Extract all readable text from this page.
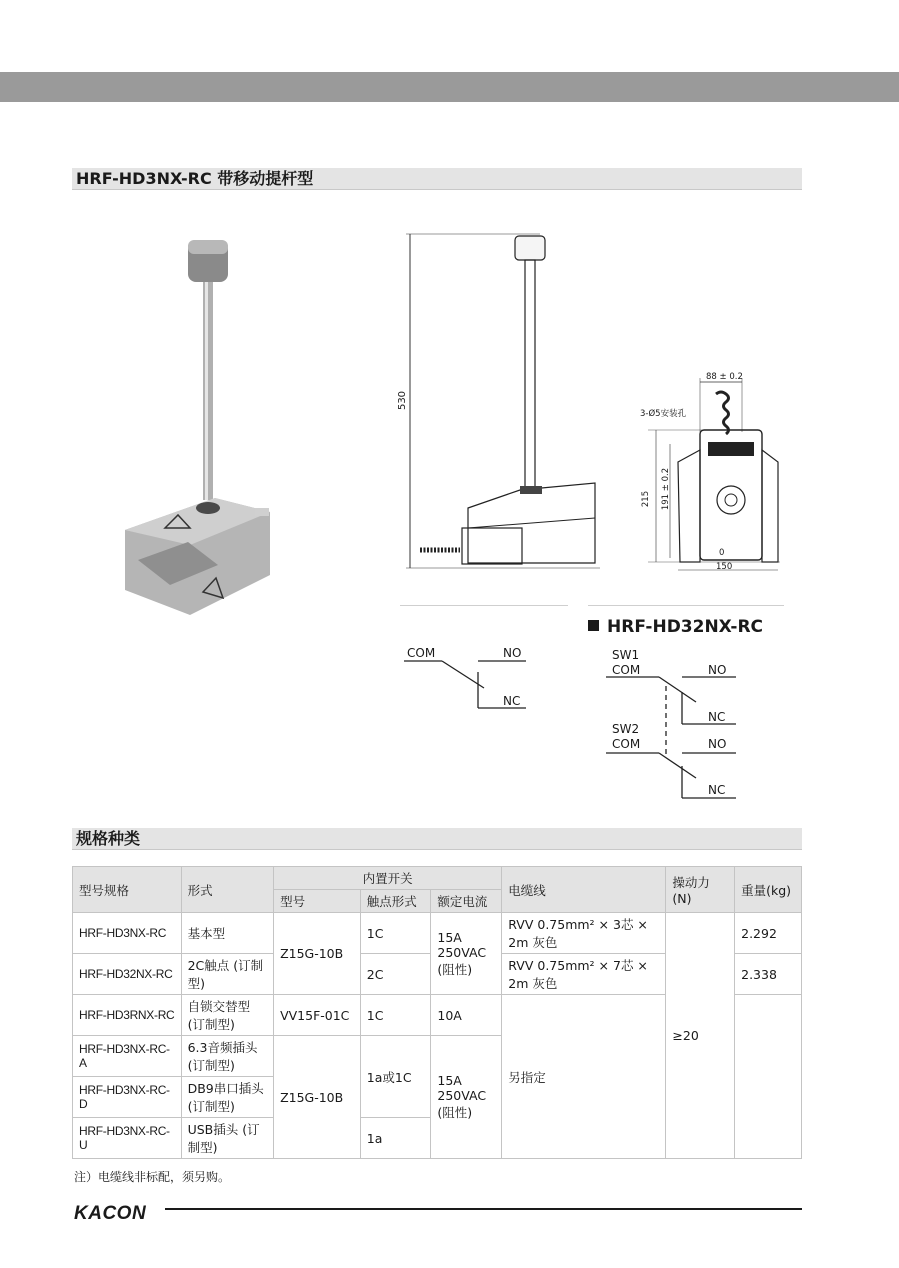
HRF-HD3NX-RC 带移动提杆型
530
88 ± 0.2
3-Ø5安装孔
215 191 ± 0.2
150
0
COM	NO
NC
HRF-HD32NX-RC
SW1
COM	NO
NC
SW2
COM	NO
NC
规格种类
型号规格	形式	内置开关			电缆线	操动力(N)	重量(kg)
		型号	触点形式	额定电流			
HRF-HD3NX-RC	基本型	Z15G-10B	1C	15A 250VAC (阻性)	RVV 0.75mm² × 3芯 × 2m 灰色	≥20	2.292
HRF-HD32NX-RC	2C触点 (订制型)		2C		RVV 0.75mm² × 7芯 × 2m 灰色		2.338
HRF-HD3RNX-RC	自锁交替型 (订制型)	VV15F-01C	1C	10A	另指定		
HRF-HD3NX-RC-A	6.3音频插头 (订制型)	Z15G-10B	1a或1C	15A 250VAC (阻性)			
HRF-HD3NX-RC-D	DB9串口插头 (订制型)						
HRF-HD3NX-RC-U	USB插头 (订制型)		1a				
注）电缆线非标配，须另购。
KACON
